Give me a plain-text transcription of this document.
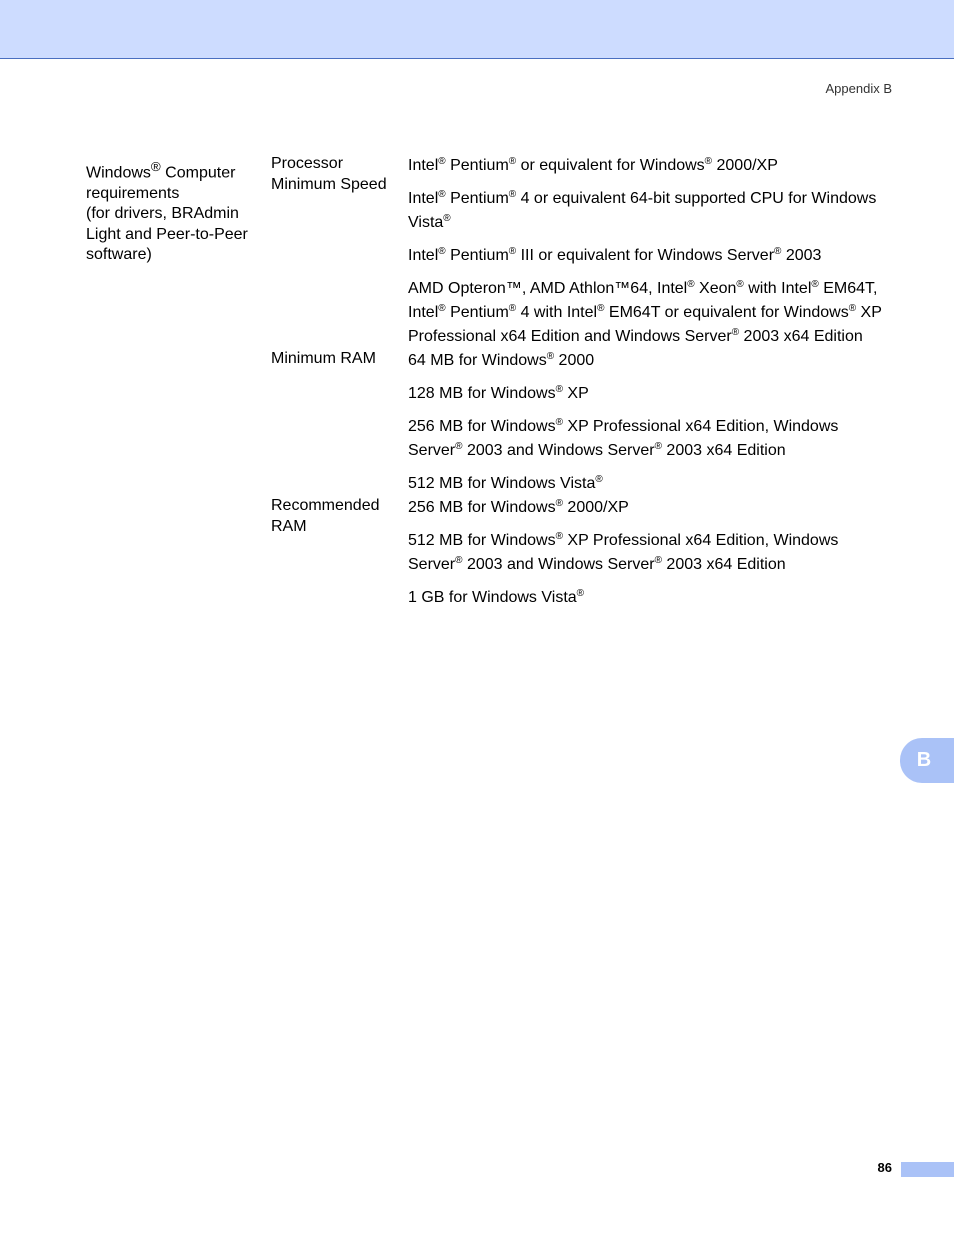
Appendix B
Windows® Computer requirements
(for drivers, BRAdmin Light and Peer-to-Peer software)
Processor Minimum Speed

Intel® Pentium® or equivalent for Windows® 2000/XP

Intel® Pentium® 4 or equivalent 64-bit supported CPU for Windows Vista®

Intel® Pentium® III or equivalent for Windows Server® 2003

AMD Opteron™, AMD Athlon™64, Intel® Xeon® with Intel® EM64T, Intel® Pentium® 4 with Intel® EM64T or equivalent for Windows® XP Professional x64 Edition and Windows Server® 2003 x64 Edition

Minimum RAM	64 MB for Windows® 2000

128 MB for Windows® XP

256 MB for Windows® XP Professional x64 Edition, Windows Server® 2003 and Windows Server® 2003 x64 Edition

512 MB for Windows Vista®

Recommended RAM

256 MB for Windows® 2000/XP

512 MB for Windows® XP Professional x64 Edition, Windows Server® 2003 and Windows Server® 2003 x64 Edition

1 GB for Windows Vista®

B
86
